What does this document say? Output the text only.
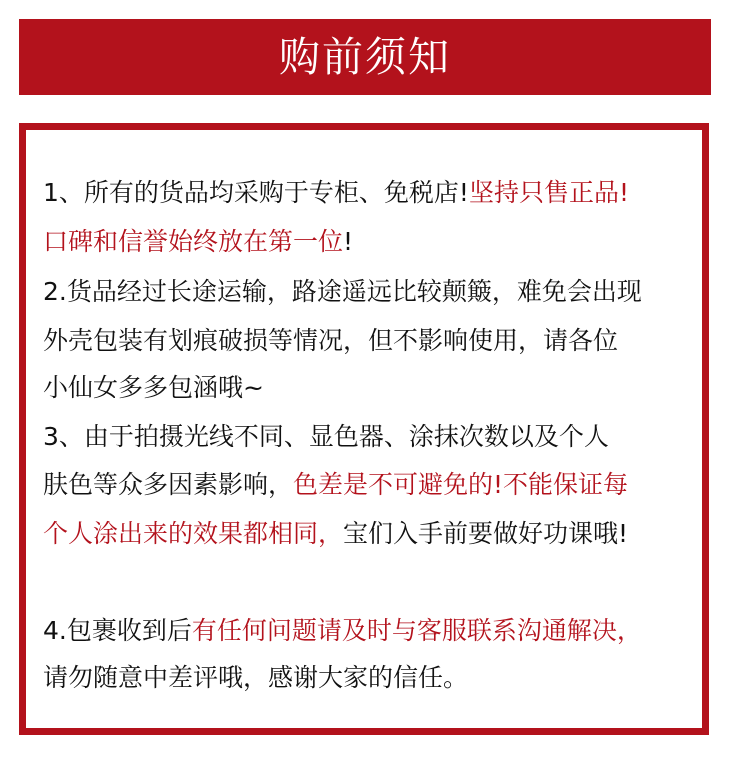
购前须知

1、所有的货品均采购于专柜、免税店!坚持只售正品!

口碑和信誉始终放在第一位!

2.货品经过长途运输，路途遥远比较颠簸，难免会出现

外壳包装有划痕破损等情况，但不影响使用，请各位

小仙女多多包涵哦~

3、由于拍摄光线不同、显色器、涂抹次数以及个人

肤色等众多因素影响，色差是不可避免的!不能保证每

个人涂出来的效果都相同，宝们入手前要做好功课哦!

4.包裹收到后有任何问题请及时与客服联系沟通解决，

请勿随意中差评哦，感谢大家的信任。
